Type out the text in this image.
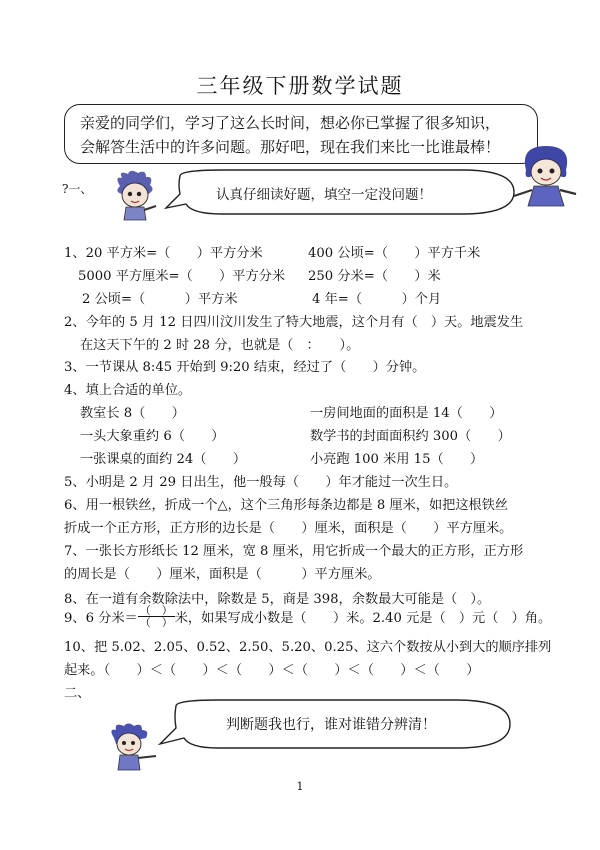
三年级下册数学试题
亲爱的同学们，学习了这么长时间，想必你已掌握了很多知识，
会解答生活中的许多问题。那好吧，现在我们来比一比谁最棒！
?一、	认真仔细读好题，填空一定没问题！
1、20 平方米=（　　）平方分米	400 公顷=（　　）平方千米
5000 平方厘米=（　　）平方分米 250 分米=（　　）米
2 公顷=（　　　）平方米	4 年=（　　　）个月
2、今年的 5 月 12 日四川汶川发生了特大地震，这个月有（　）天。地震发生
在这天下午的 2 时 28 分，也就是（　：　　）。
3、一节课从 8:45 开始到 9:20 结束，经过了（　　）分钟。
4、填上合适的单位。
教室长 8（　　）	一房间地面的面积是 14（　　）
一头大象重约 6（　　）	数学书的封面面积约 300（　　）
一张课桌的面约 24（　　）	小亮跑 100 米用 15（　　）
5、小明是 2 月 29 日出生，他一般每（　　）年才能过一次生日。
6、用一根铁丝，折成一个△，这个三角形每条边都是 8 厘米，如把这根铁丝
折成一个正方形，正方形的边长是（　　）厘米，面积是（　　）平方厘米。
7、一张长方形纸长 12 厘米，宽 8 厘米，用它折成一个最大的正方形，正方形
的周长是（　　）厘米，面积是（　　　）平方厘米。
8、在一道有余数除法中，除数是 5，商是 398，余数最大可能是（　）。
9、6 分米＝ $\frac{( )}{( )}$ 米，如果写成小数是（　　）米。2.40 元是（　）元（　）角。
10、把 5.02、2.05、0.52、2.50、5.20、0.25、这六个数按从小到大的顺序排列
起来。（　　）＜（　　）＜（　　）＜（　　）＜（　　）＜（　　）
二、
判断题我也行，谁对谁错分辨清！
1
